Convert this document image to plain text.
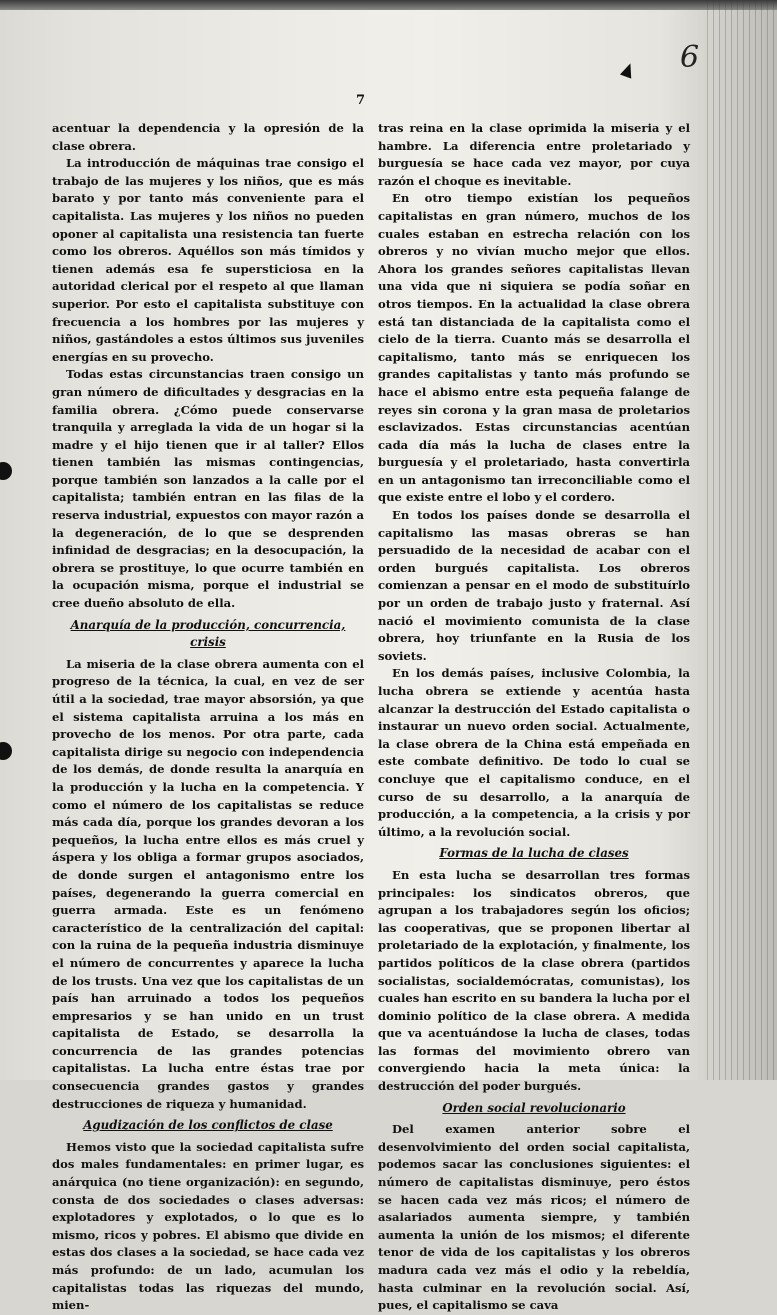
6
7

acentuar la dependencia y la opresión de la clase obrera.

La introducción de máquinas trae consigo el trabajo de las mujeres y los niños, que es más barato y por tanto más conveniente para el capitalista. Las mujeres y los niños no pueden oponer al capitalista una resistencia tan fuerte como los obreros. Aquéllos son más tímidos y tienen además esa fe supersticiosa en la autoridad clerical por el respeto al que llaman superior. Por esto el capitalista substituye con frecuencia a los hombres por las mujeres y niños, gastándoles a estos últimos sus juveniles energías en su provecho.

Todas estas circunstancias traen consigo un gran número de dificultades y desgracias en la familia obrera. ¿Cómo puede conservarse tranquila y arreglada la vida de un hogar si la madre y el hijo tienen que ir al taller? Ellos tienen también las mismas contingencias, porque también son lanzados a la calle por el capitalista; también entran en las filas de la reserva industrial, expuestos con mayor razón a la degeneración, de lo que se desprenden infinidad de desgracias; en la desocupación, la obrera se prostituye, lo que ocurre también en la ocupación misma, porque el industrial se cree dueño absoluto de ella.

Anarquía de la producción, concurrencia, crisis

La miseria de la clase obrera aumenta con el progreso de la técnica, la cual, en vez de ser útil a la sociedad, trae mayor absorsión, ya que el sistema capitalista arruina a los más en provecho de los menos. Por otra parte, cada capitalista dirige su negocio con independencia de los demás, de donde resulta la anarquía en la producción y la lucha en la competencia. Y como el número de los capitalistas se reduce más cada día, porque los grandes devoran a los pequeños, la lucha entre ellos es más cruel y áspera y los obliga a formar grupos asociados, de donde surgen el antagonismo entre los países, degenerando la guerra comercial en guerra armada. Este es un fenómeno característico de la centralización del capital: con la ruina de la pequeña industria disminuye el número de concurrentes y aparece la lucha de los trusts. Una vez que los capitalistas de un país han arruinado a todos los pequeños empresarios y se han unido en un trust capitalista de Estado, se desarrolla la concurrencia de las grandes potencias capitalistas. La lucha entre éstas trae por consecuencia grandes gastos y grandes destrucciones de riqueza y humanidad.

Agudización de los conflictos de clase

Hemos visto que la sociedad capitalista sufre dos males fundamentales: en primer lugar, es anárquica (no tiene organización): en segundo, consta de dos sociedades o clases adversas: explotadores y explotados, o lo que es lo mismo, ricos y pobres. El abismo que divide en estas dos clases a la sociedad, se hace cada vez más profundo: de un lado, acumulan los capitalistas todas las riquezas del mundo, mien-

tras reina en la clase oprimida la miseria y el hambre. La diferencia entre proletariado y burguesía se hace cada vez mayor, por cuya razón el choque es inevitable.

En otro tiempo existían los pequeños capitalistas en gran número, muchos de los cuales estaban en estrecha relación con los obreros y no vivían mucho mejor que ellos. Ahora los grandes señores capitalistas llevan una vida que ni siquiera se podía soñar en otros tiempos. En la actualidad la clase obrera está tan distanciada de la capitalista como el cielo de la tierra. Cuanto más se desarrolla el capitalismo, tanto más se enriquecen los grandes capitalistas y tanto más profundo se hace el abismo entre esta pequeña falange de reyes sin corona y la gran masa de proletarios esclavizados. Estas circunstancias acentúan cada día más la lucha de clases entre la burguesía y el proletariado, hasta convertirla en un antagonismo tan irreconciliable como el que existe entre el lobo y el cordero.

En todos los países donde se desarrolla el capitalismo las masas obreras se han persuadido de la necesidad de acabar con el orden burgués capitalista. Los obreros comienzan a pensar en el modo de substituírlo por un orden de trabajo justo y fraternal. Así nació el movimiento comunista de la clase obrera, hoy triunfante en la Rusia de los soviets.

En los demás países, inclusive Colombia, la lucha obrera se extiende y acentúa hasta alcanzar la destrucción del Estado capitalista o instaurar un nuevo orden social. Actualmente, la clase obrera de la China está empeñada en este combate definitivo. De todo lo cual se concluye que el capitalismo conduce, en el curso de su desarrollo, a la anarquía de producción, a la competencia, a la crisis y por último, a la revolución social.

Formas de la lucha de clases

En esta lucha se desarrollan tres formas principales: los sindicatos obreros, que agrupan a los trabajadores según los oficios; las cooperativas, que se proponen libertar al proletariado de la explotación, y finalmente, los partidos políticos de la clase obrera (partidos socialistas, socialdemócratas, comunistas), los cuales han escrito en su bandera la lucha por el dominio político de la clase obrera. A medida que va acentuándose la lucha de clases, todas las formas del movimiento obrero van convergiendo hacia la meta única: la destrucción del poder burgués.

Orden social revolucionario

Del examen anterior sobre el desenvolvimiento del orden social capitalista, podemos sacar las conclusiones siguientes: el número de capitalistas disminuye, pero éstos se hacen cada vez más ricos; el número de asalariados aumenta siempre, y también aumenta la unión de los mismos; el diferente tenor de vida de los capitalistas y los obreros madura cada vez más el odio y la rebeldía, hasta culminar en la revolución social. Así, pues, el capitalismo se cava
